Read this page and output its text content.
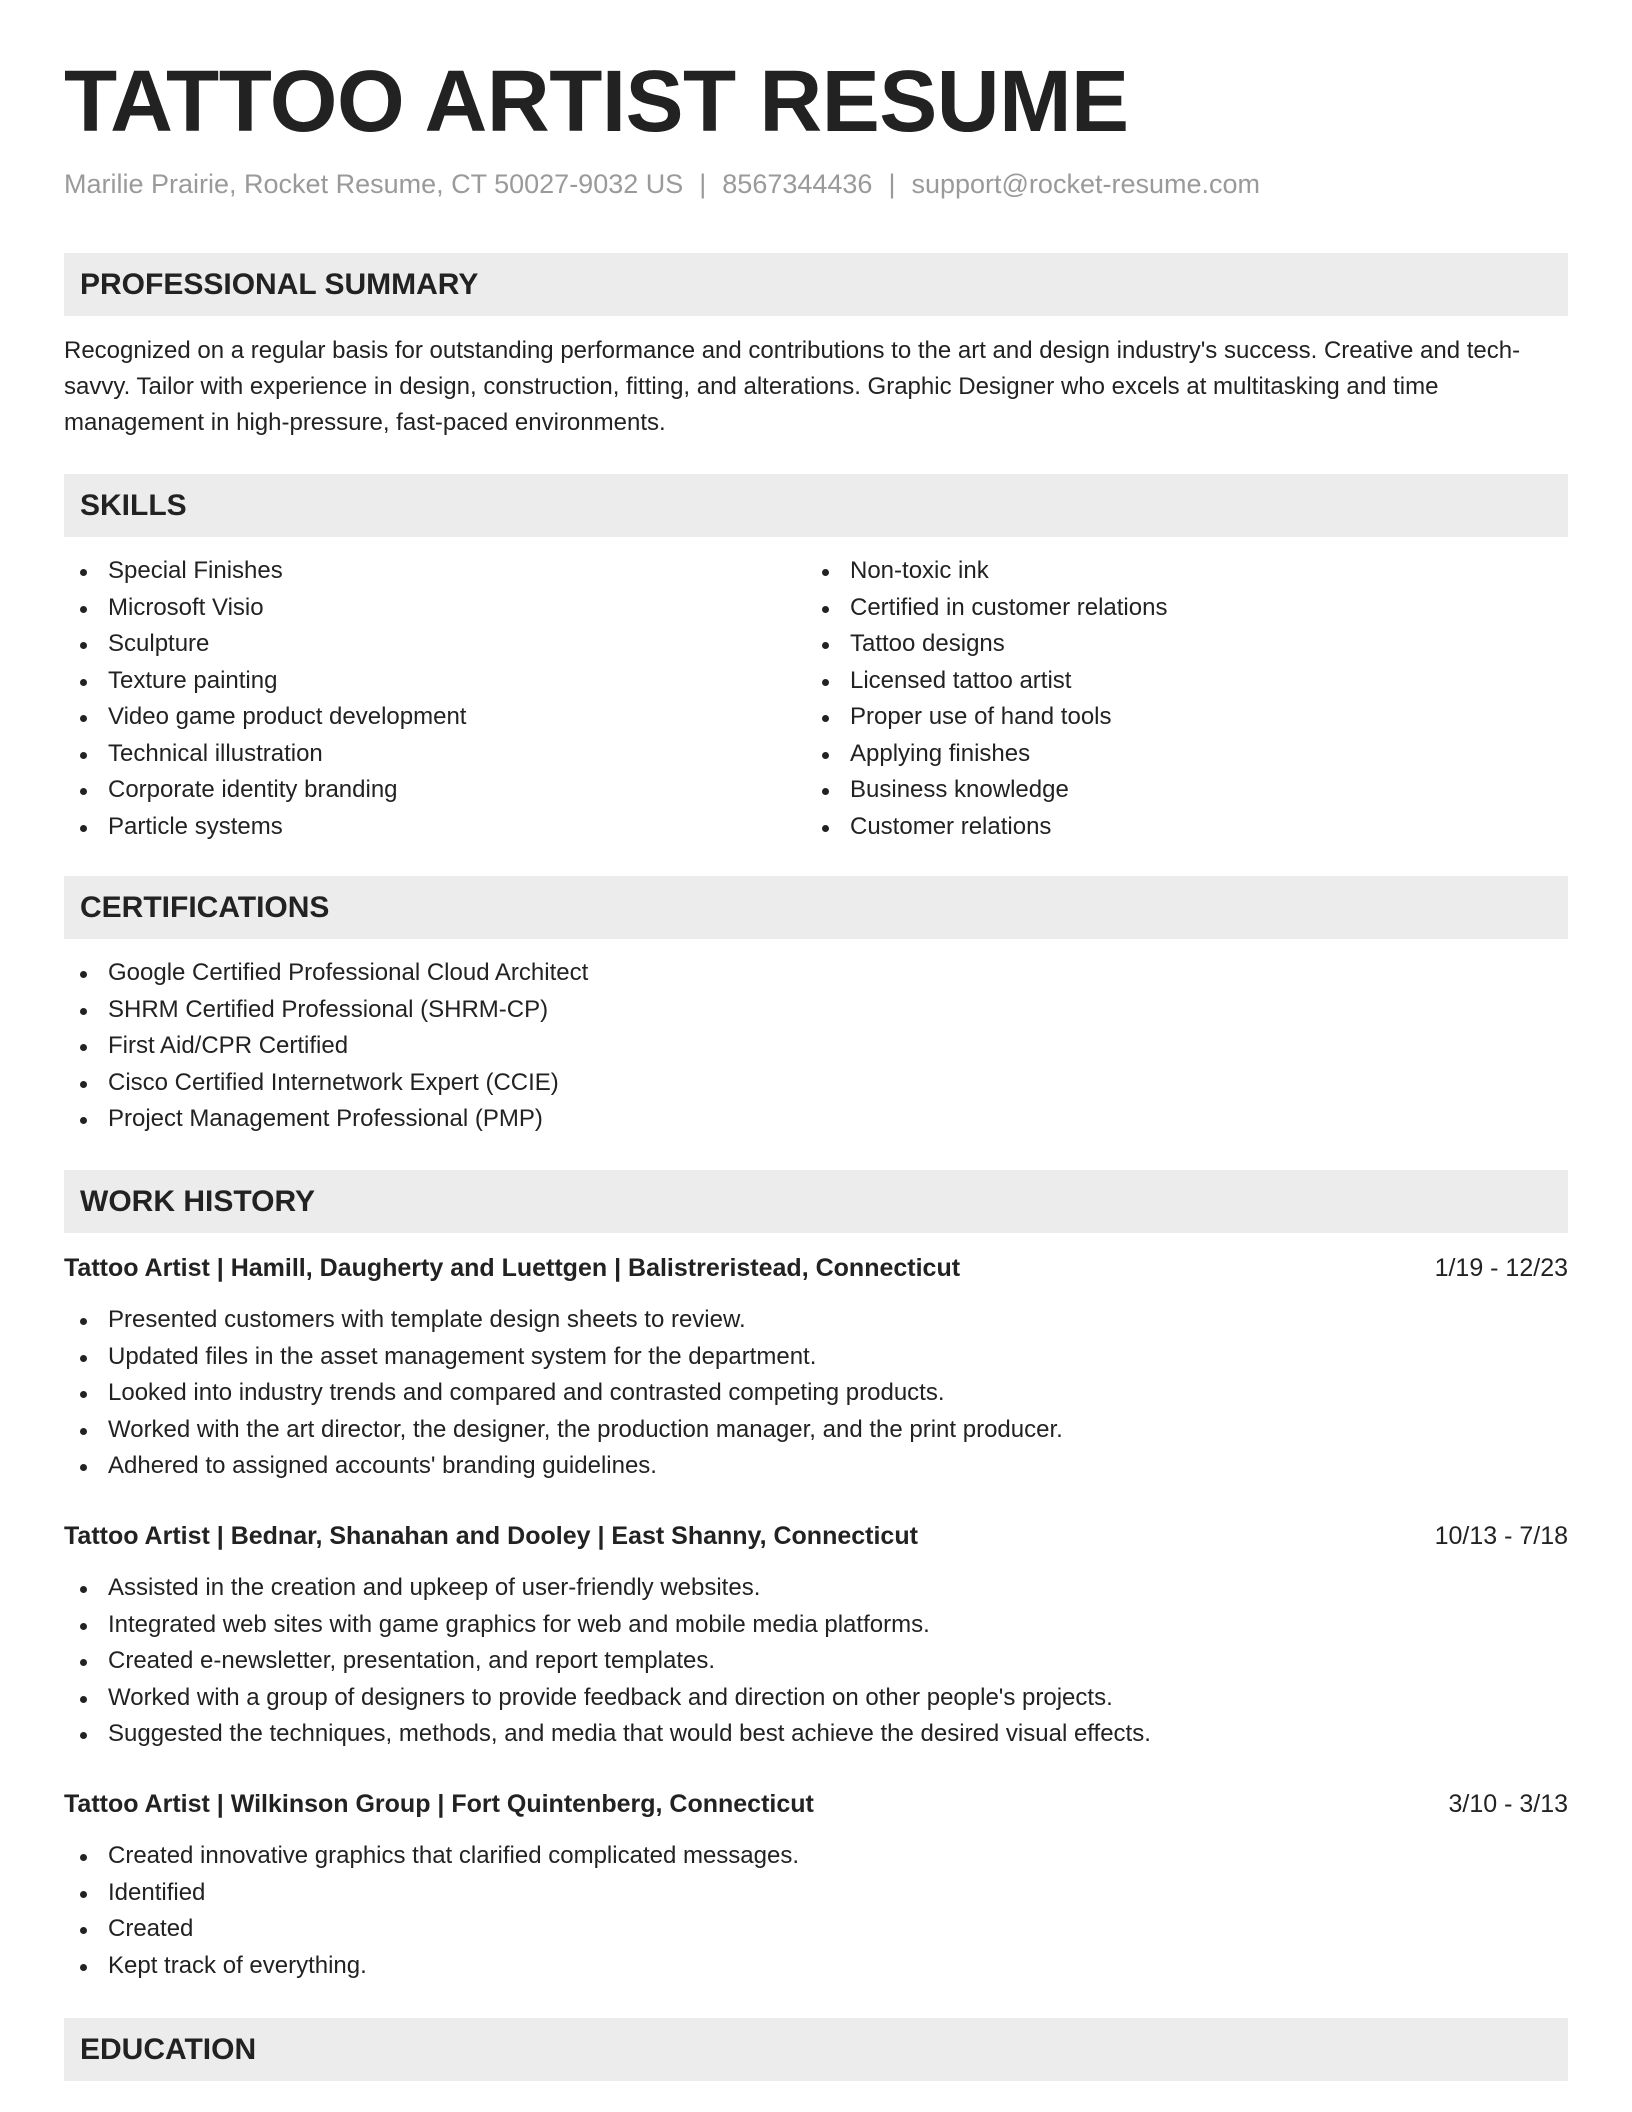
TATTOO ARTIST RESUME
Marilie Prairie, Rocket Resume, CT 50027-9032 US | 8567344436 | support@rocket-resume.com
PROFESSIONAL SUMMARY

Recognized on a regular basis for outstanding performance and contributions to the art and design industry's success. Creative and tech-savvy. Tailor with experience in design, construction, fitting, and alterations. Graphic Designer who excels at multitasking and time management in high-pressure, fast-paced environments.

SKILLS
Special Finishes
Microsoft Visio
Sculpture
Texture painting
Video game product development
Technical illustration
Corporate identity branding
Particle systems
Non-toxic ink
Certified in customer relations
Tattoo designs
Licensed tattoo artist
Proper use of hand tools
Applying finishes
Business knowledge
Customer relations
CERTIFICATIONS
Google Certified Professional Cloud Architect
SHRM Certified Professional (SHRM-CP)
First Aid/CPR Certified
Cisco Certified Internetwork Expert (CCIE)
Project Management Professional (PMP)
WORK HISTORY
Tattoo Artist | Hamill, Daugherty and Luettgen | Balistreristead, Connecticut	1/19 - 12/23
Presented customers with template design sheets to review.
Updated files in the asset management system for the department.
Looked into industry trends and compared and contrasted competing products.
Worked with the art director, the designer, the production manager, and the print producer.
Adhered to assigned accounts' branding guidelines.
Tattoo Artist | Bednar, Shanahan and Dooley | East Shanny, Connecticut	10/13 - 7/18
Assisted in the creation and upkeep of user-friendly websites.
Integrated web sites with game graphics for web and mobile media platforms.
Created e-newsletter, presentation, and report templates.
Worked with a group of designers to provide feedback and direction on other people's projects.
Suggested the techniques, methods, and media that would best achieve the desired visual effects.
Tattoo Artist | Wilkinson Group | Fort Quintenberg, Connecticut	3/10 - 3/13
Created innovative graphics that clarified complicated messages.
Identified
Created
Kept track of everything.
EDUCATION
